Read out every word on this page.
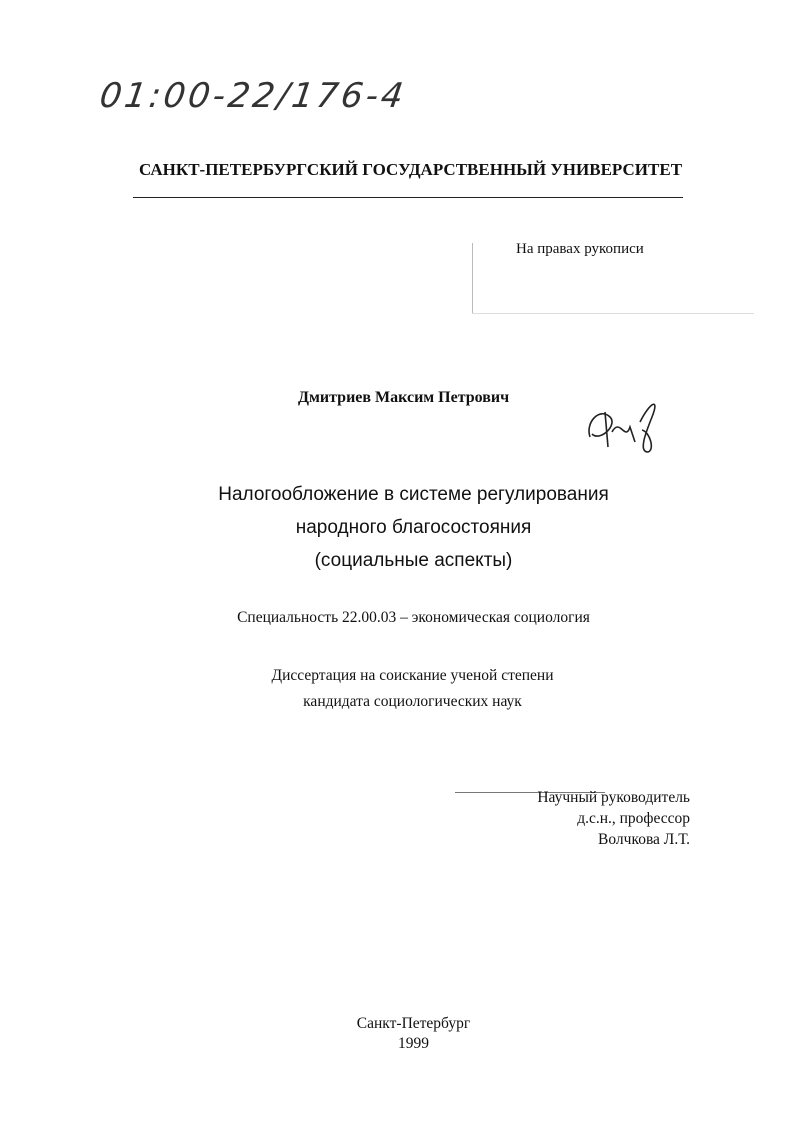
01:00-22/176-4
САНКТ-ПЕТЕРБУРГСКИЙ ГОСУДАРСТВЕННЫЙ УНИВЕРСИТЕТ
На правах рукописи
Дмитриев Максим Петрович
Налогообложение в системе регулирования
народного благосостояния
(социальные аспекты)
Специальность 22.00.03 – экономическая социология
Диссертация на соискание ученой степени
кандидата социологических наук
Научный руководитель
д.с.н., профессор
Волчкова Л.Т.
Санкт-Петербург
1999
